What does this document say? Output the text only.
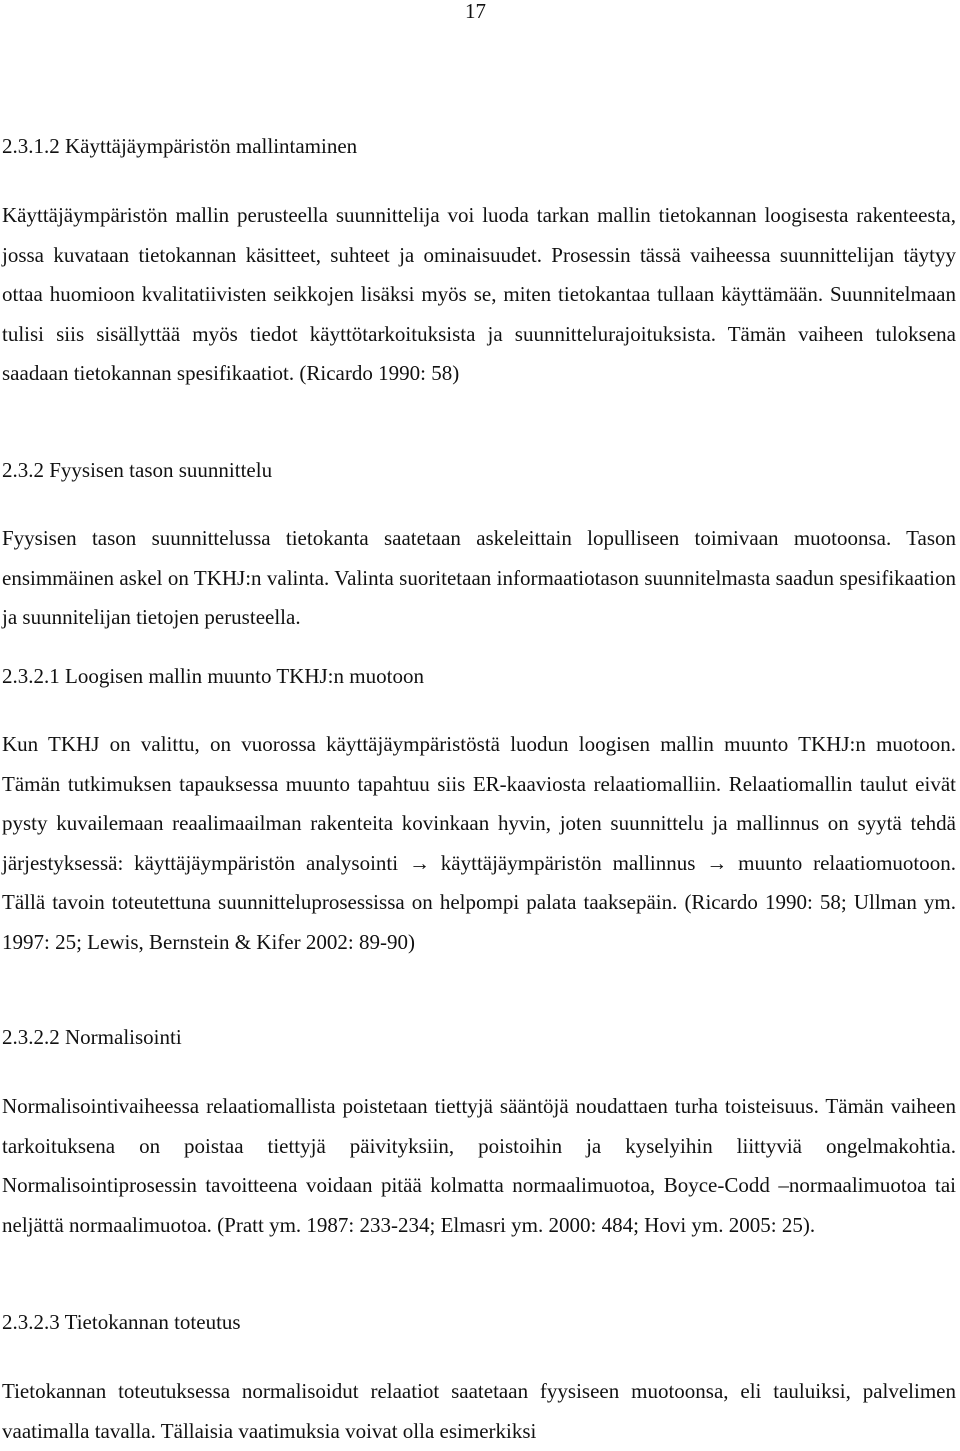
17
2.3.1.2 Käyttäjäympäristön mallintaminen
Käyttäjäympäristön mallin perusteella suunnittelija voi luoda tarkan mallin tietokannan loogisesta rakenteesta, jossa kuvataan tietokannan käsitteet, suhteet ja ominaisuudet. Prosessin tässä vaiheessa suunnittelijan täytyy ottaa huomioon kvalitatiivisten seikkojen lisäksi myös se, miten tietokantaa tullaan käyttämään. Suunnitelmaan tulisi siis sisällyttää myös tiedot käyttötarkoituksista ja suunnittelurajoituksista. Tämän vaiheen tuloksena saadaan tietokannan spesifikaatiot. (Ricardo 1990: 58)
2.3.2 Fyysisen tason suunnittelu
Fyysisen tason suunnittelussa tietokanta saatetaan askeleittain lopulliseen toimivaan muotoonsa. Tason ensimmäinen askel on TKHJ:n valinta. Valinta suoritetaan informaatiotason suunnitelmasta saadun spesifikaation ja suunnitelijan tietojen perusteella.
2.3.2.1 Loogisen mallin muunto TKHJ:n muotoon
Kun TKHJ on valittu, on vuorossa käyttäjäympäristöstä luodun loogisen mallin muunto TKHJ:n muotoon. Tämän tutkimuksen tapauksessa muunto tapahtuu siis ER-kaaviosta relaatiomalliin. Relaatiomallin taulut eivät pysty kuvailemaan reaalimaailman rakenteita kovinkaan hyvin, joten suunnittelu ja mallinnus on syytä tehdä järjestyksessä: käyttäjäympäristön analysointi → käyttäjäympäristön mallinnus → muunto relaatiomuotoon. Tällä tavoin toteutettuna suunnitteluprosessissa on helpompi palata taaksepäin. (Ricardo 1990: 58; Ullman ym. 1997: 25; Lewis, Bernstein & Kifer 2002: 89-90)
2.3.2.2 Normalisointi
Normalisointivaiheessa relaatiomallista poistetaan tiettyjä sääntöjä noudattaen turha toisteisuus. Tämän vaiheen tarkoituksena on poistaa tiettyjä päivityksiin, poistoihin ja kyselyihin liittyviä ongelmakohtia. Normalisointiprosessin tavoitteena voidaan pitää kolmatta normaalimuotoa, Boyce-Codd –normaalimuotoa tai neljättä normaalimuotoa. (Pratt ym. 1987: 233-234; Elmasri ym. 2000: 484; Hovi ym. 2005: 25).
2.3.2.3 Tietokannan toteutus
Tietokannan toteutuksessa normalisoidut relaatiot saatetaan fyysiseen muotoonsa, eli tauluiksi, palvelimen vaatimalla tavalla. Tällaisia vaatimuksia voivat olla esimerkiksi
